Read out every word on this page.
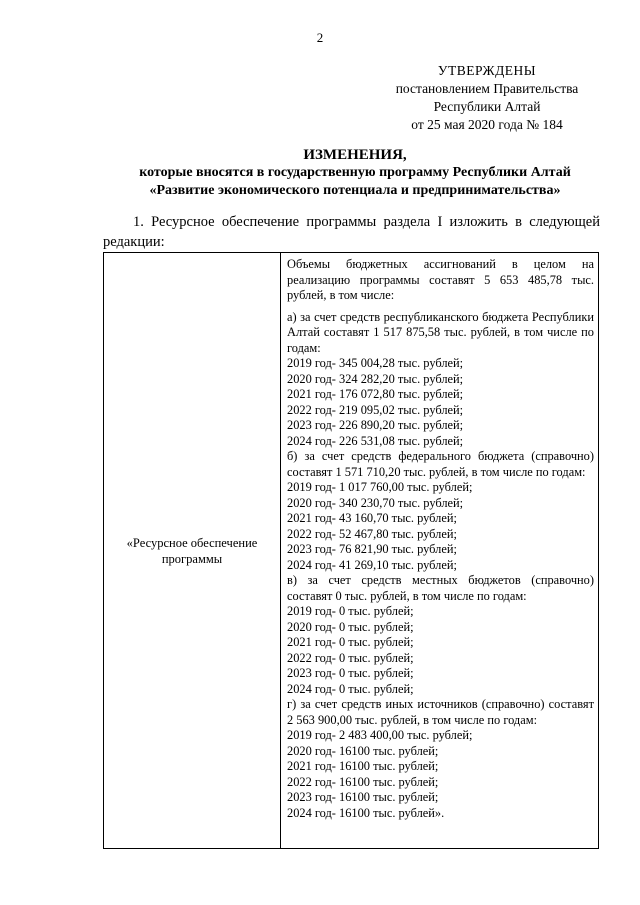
2
УТВЕРЖДЕНЫ
постановлением Правительства
Республики Алтай
от 25 мая 2020 года № 184
ИЗМЕНЕНИЯ,
которые вносятся в государственную программу Республики Алтай
«Развитие экономического потенциала и предпринимательства»
1. Ресурсное обеспечение программы раздела I изложить в следующей редакции:
«Ресурсное обеспечение программы
Объемы бюджетных ассигнований в целом на реализацию программы составят 5 653 485,78 тыс. рублей, в том числе:
а) за счет средств республиканского бюджета Республики Алтай составят 1 517 875,58 тыс. рублей, в том числе по годам:
2019 год- 345 004,28 тыс. рублей;
2020 год- 324 282,20 тыс. рублей;
2021 год- 176 072,80 тыс. рублей;
2022 год- 219 095,02 тыс. рублей;
2023 год- 226 890,20 тыс. рублей;
2024 год- 226 531,08 тыс. рублей;
б) за счет средств федерального бюджета (справочно) составят 1 571 710,20 тыс. рублей, в том числе по годам:
2019 год- 1 017 760,00 тыс. рублей;
2020 год- 340 230,70 тыс. рублей;
2021 год- 43 160,70 тыс. рублей;
2022 год- 52 467,80 тыс. рублей;
2023 год- 76 821,90 тыс. рублей;
2024 год- 41 269,10 тыс. рублей;
в) за счет средств местных бюджетов (справочно) составят 0 тыс. рублей, в том числе по годам:
2019 год- 0 тыс. рублей;
2020 год- 0 тыс. рублей;
2021 год- 0 тыс. рублей;
2022 год- 0 тыс. рублей;
2023 год- 0 тыс. рублей;
2024 год- 0 тыс. рублей;
г) за счет средств иных источников (справочно) составят 2 563 900,00 тыс. рублей, в том числе по годам:
2019 год- 2 483 400,00 тыс. рублей;
2020 год- 16100 тыс. рублей;
2021 год- 16100 тыс. рублей;
2022 год- 16100 тыс. рублей;
2023 год- 16100 тыс. рублей;
2024 год- 16100 тыс. рублей».
